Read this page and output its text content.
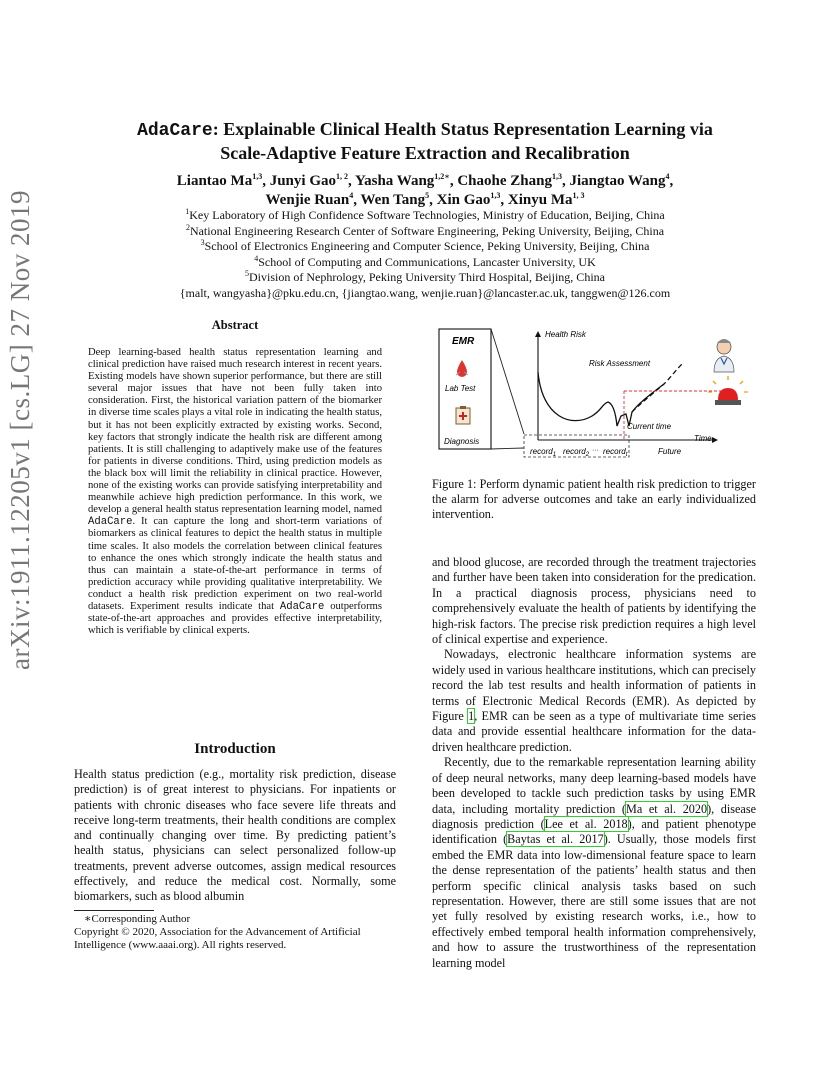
arXiv:1911.12205v1 [cs.LG] 27 Nov 2019
AdaCare: Explainable Clinical Health Status Representation Learning via
Scale-Adaptive Feature Extraction and Recalibration
Liantao Ma$^{1,3}$, Junyi Gao$^{1, 2}$, Yasha Wang$^{1,2∗}$, Chaohe Zhang$^{1,3}$, Jiangtao Wang$^4$,
Wenjie Ruan$^4$, Wen Tang$^5$, Xin Gao$^{1,3}$, Xinyu Ma$^{1, 3}$
$^1$Key Laboratory of High Confidence Software Technologies, Ministry of Education, Beijing, China
$^2$National Engineering Research Center of Software Engineering, Peking University, Beijing, China
$^3$School of Electronics Engineering and Computer Science, Peking University, Beijing, China
$^4$School of Computing and Communications, Lancaster University, UK
$^5$Division of Nephrology, Peking University Third Hospital, Beijing, China
{malt, wangyasha}@pku.edu.cn, {jiangtao.wang, wenjie.ruan}@lancaster.ac.uk, tanggwen@126.com
Abstract

Deep learning-based health status representation learning and clinical prediction have raised much research interest in recent years. Existing models have shown superior performance, but there are still several major issues that have not been fully taken into consideration. First, the historical variation pattern of the biomarker in diverse time scales plays a vital role in indicating the health status, but it has not been explicitly extracted by existing works. Second, key factors that strongly indicate the health risk are different among patients. It is still challenging to adaptively make use of the features for patients in diverse conditions. Third, using prediction models as the black box will limit the reliability in clinical practice. However, none of the existing works can provide satisfying interpretability and meanwhile achieve high prediction performance. In this work, we develop a general health status representation learning model, named AdaCare. It can capture the long and short-term variations of biomarkers as clinical features to depict the health status in multiple time scales. It also models the correlation between clinical features to enhance the ones which strongly indicate the health status and thus can maintain a state-of-the-art performance in terms of prediction accuracy while providing qualitative interpretability. We conduct a health risk prediction experiment on two real-world datasets. Experiment results indicate that AdaCare outperforms state-of-the-art approaches and provides effective interpretability, which is verifiable by clinical experts.

Introduction

Health status prediction (e.g., mortality risk prediction, disease prediction) is of great interest to physicians. For inpatients or patients with chronic diseases who face severe life threats and receive long-term treatments, their health conditions are complex and continually changing over time. By predicting patient’s health status, physicians can select personalized follow-up treatments, prevent adverse outcomes, assign medical resources effectively, and reduce the medical cost. Normally, some biomarkers, such as blood albumin

∗Corresponding Author

Copyright © 2020, Association for the Advancement of Artificial Intelligence (www.aaai.org). All rights reserved.

EMR
Lab Test
Diagnosis
Health Risk
Risk Assessment
Time
Current time
record$_1$ record$_2$
··· record$_t$	Future
Figure 1: Perform dynamic patient health risk prediction to trigger the alarm for adverse outcomes and take an early individualized intervention.

and blood glucose, are recorded through the treatment trajectories and further have been taken into consideration for the predication. In a practical diagnosis process, physicians need to comprehensively evaluate the health of patients by identifying the high-risk factors. The precise risk prediction requires a high level of clinical expertise and experience.

Nowadays, electronic healthcare information systems are widely used in various healthcare institutions, which can precisely record the lab test results and health information of patients in terms of Electronic Medical Records (EMR). As depicted by Figure 1, EMR can be seen as a type of multivariate time series data and provide essential healthcare information for the data-driven healthcare prediction.

Recently, due to the remarkable representation learning ability of deep neural networks, many deep learning-based models have been developed to tackle such prediction tasks by using EMR data, including mortality prediction (Ma et al. 2020), disease diagnosis prediction (Lee et al. 2018), and patient phenotype identification (Baytas et al. 2017). Usually, those models first embed the EMR data into low-dimensional feature space to learn the dense representation of the patients’ health status and then perform specific clinical analysis tasks based on such representation. However, there are still some issues that are not yet fully resolved by existing research works, i.e., how to effectively embed temporal health information comprehensively, and how to assure the trustworthiness of the representation learning model
